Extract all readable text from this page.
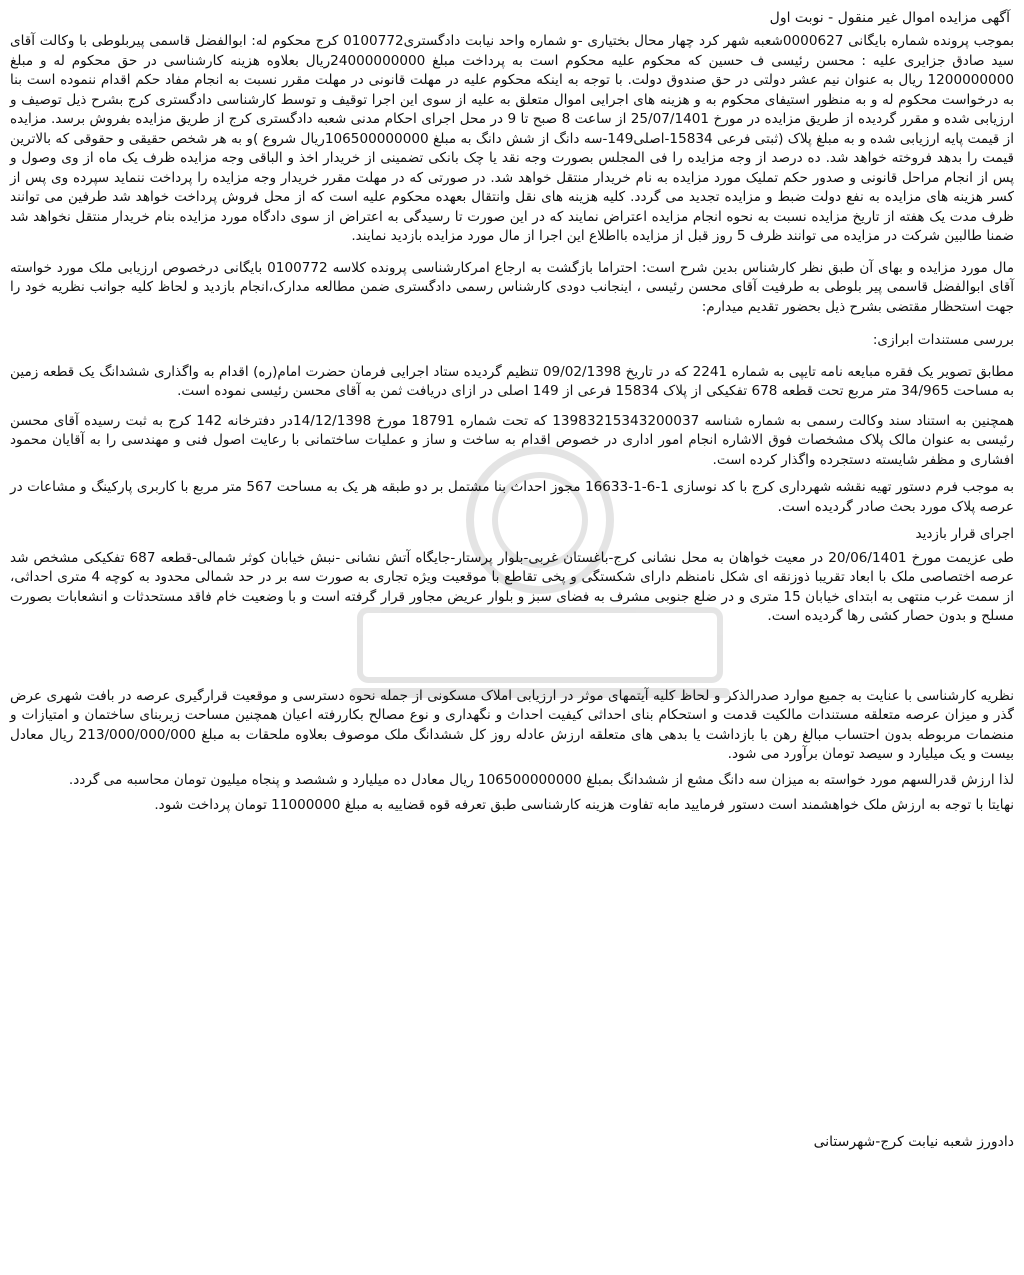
آگهی مزایده اموال غیر منقول - نوبت اول

بموجب پرونده شماره بایگانی 0000627شعبه شهر کرد چهار محال بختیاری -و شماره واحد نیابت دادگستری0100772 کرج محکوم له: ابوالفضل قاسمی پیربلوطی با وکالت آقای سید صادق جزایری علیه : محسن رئیسی ف حسین که محکوم علیه محکوم است به پرداخت مبلغ 24000000000ریال بعلاوه هزینه کارشناسی در حق محکوم له و مبلغ 1200000000 ریال به عنوان نیم عشر دولتی در حق صندوق دولت. با توجه به اینکه محکوم علیه در مهلت قانونی در مهلت مقرر نسبت به انجام مفاد حکم اقدام ننموده است بنا به درخواست محکوم له و به منظور استیفای محکوم به و هزینه های اجرایی اموال متعلق به علیه از سوی این اجرا توقیف و توسط کارشناسی دادگستری کرج بشرح ذیل توصیف و ارزیابی شده و مقرر گردیده از طریق مزایده در مورخ 25/07/1401 از ساعت 8 صبح تا 9 در محل اجرای احکام مدنی شعبه دادگستری کرج از طریق مزایده بفروش برسد. مزایده از قیمت پایه ارزیابی شده و به مبلغ پلاک (ثبتی فرعی 15834-اصلی149-سه دانگ از شش دانگ به مبلغ 106500000000ریال شروع )و به هر شخص حقیقی و حقوقی که بالاترین قیمت را بدهد فروخته خواهد شد. ده درصد از وجه مزایده را فی المجلس بصورت وجه نقد یا چک بانکی تضمینی از خریدار اخذ و الباقی وجه مزایده ظرف یک ماه از وی وصول و پس از انجام مراحل قانونی و صدور حکم تملیک مورد مزایده به نام خریدار منتقل خواهد شد. در صورتی که در مهلت مقرر خریدار وجه مزایده را پرداخت ننماید سپرده وی پس از کسر هزینه های مزایده به نفع دولت ضبط و مزایده تجدید می گردد. کلیه هزینه های نقل وانتقال بعهده محکوم علیه است که از محل فروش پرداخت خواهد شد طرفین می توانند ظرف مدت یک هفته از تاریخ مزایده نسبت به نحوه انجام مزایده اعتراض نمایند که در این صورت تا رسیدگی به اعتراض از سوی دادگاه مورد مزایده بنام خریدار منتقل نخواهد شد ضمنا طالبین شرکت در مزایده می توانند ظرف 5 روز قبل از مزایده بااطلاع این اجرا از مال مورد مزایده بازدید نمایند.

مال مورد مزایده و بهای آن طبق نظر کارشناس بدین شرح است: احتراما بازگشت به ارجاع امرکارشناسی پرونده کلاسه 0100772 بایگانی درخصوص ارزیابی ملک مورد خواسته آقای ابوالفضل قاسمی پیر بلوطی به طرفیت آقای محسن رئیسی ، اینجانب دودی کارشناس رسمی دادگستری ضمن مطالعه مدارک،انجام بازدید و لحاظ کلیه جوانب نظریه خود را جهت استحظار مقتضی بشرح ذیل بحضور تقدیم میدارم:

بررسی مستندات ابرازی:

مطابق تصویر یک فقره مبایعه نامه تایپی به شماره 2241 که در تاریخ 09/02/1398 تنظیم گردیده ستاد اجرایی فرمان حضرت امام(ره) اقدام به واگذاری ششدانگ یک قطعه زمین به مساحت 34/965 متر مربع تحت قطعه 678 تفکیکی از پلاک 15834 فرعی از 149 اصلی در ازای دریافت ثمن به آقای محسن رئیسی نموده است.

همچنین به استناد سند وکالت رسمی به شماره شناسه 13983215343200037 که تحت شماره 18791 مورخ 14/12/1398در دفترخانه 142 کرج به ثبت رسیده آقای محسن رئیسی به عنوان مالک پلاک مشخصات فوق الاشاره انجام امور اداری در خصوص اقدام به ساخت و ساز و عملیات ساختمانی با رعایت اصول فنی و مهندسی را به آقایان محمود افشاری و مظفر شایسته دستجرده واگذار کرده است.

به موجب فرم دستور تهیه نقشه شهرداری کرج با کد نوسازی 1-6-1-16633 مجوز احداث بنا مشتمل بر دو طبقه هر یک به مساحت 567 متر مربع با کاربری پارکینگ و مشاعات در عرصه پلاک مورد بحث صادر گردیده است.

اجرای قرار بازدید

طی عزیمت مورخ 20/06/1401 در معیت خواهان به محل نشانی کرج-باغستان غربی-بلوار پرستار-جایگاه آتش نشانی -نبش خیابان کوثر شمالی-قطعه 687 تفکیکی مشخص شد عرصه اختصاصی ملک با ابعاد تقریبا ذوزنقه ای شکل نامنظم دارای شکستگی و پخی تقاطع با موقعیت ویژه تجاری به صورت سه بر در حد شمالی محدود به کوچه 4 متری احداثی، از سمت غرب منتهی به ابتدای خیابان 15 متری و در ضلع جنوبی مشرف به فضای سبز و بلوار عریض مجاور قرار گرفته است و با وضعیت خام فاقد مستحدثات و انشعابات بصورت مسلح و بدون حصار کشی رها گردیده است.

نظریه کارشناسی با عنایت به جمیع موارد صدرالذکر و لحاظ کلیه آیتمهای موثر در ارزیابی املاک مسکونی از جمله نحوه دسترسی و موقعیت قرارگیری عرصه در بافت شهری عرض گذر و میزان عرصه متعلقه مستندات مالکیت قدمت و استحکام بنای احداثی کیفیت احداث و نگهداری و نوع مصالح بکاررفته اعیان همچنین مساحت زیربنای ساختمان و امتیازات و منضمات مربوطه بدون احتساب مبالغ رهن با بازداشت یا بدهی های متعلقه ارزش عادله روز کل ششدانگ ملک موصوف بعلاوه ملحقات به مبلغ 213/000/000/000 ریال معادل بیست و یک میلیارد و سیصد تومان برآورد می شود.

لذا ارزش قدرالسهم مورد خواسته به میزان سه دانگ مشع از ششدانگ بمبلغ 106500000000 ریال معادل ده میلیارد و ششصد و پنجاه میلیون تومان محاسبه می گردد.

نهایتا با توجه به ارزش ملک خواهشمند است دستور فرمایید مابه تفاوت هزینه کارشناسی طبق تعرفه قوه قضاییه به مبلغ 11000000 تومان پرداخت شود.

دادورز شعبه نیابت کرج-شهرستانی
